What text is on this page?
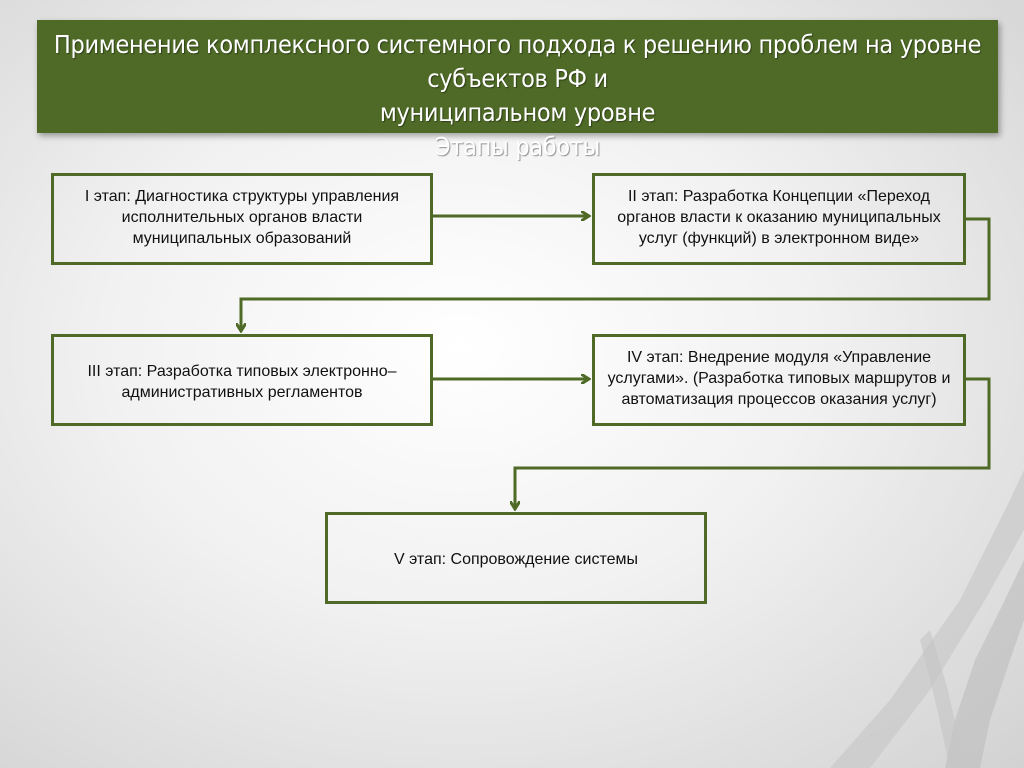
Применение комплексного системного подхода к решению проблем на уровне субъектов РФ и
муниципальном уровне
Этапы работы
I этап: Диагностика структуры управления исполнительных органов власти муниципальных образований
II этап: Разработка Концепции «Переход органов власти к оказанию муниципальных услуг (функций) в электронном виде»
III этап: Разработка типовых электронно–административных регламентов
IV этап: Внедрение модуля «Управление услугами». (Разработка типовых маршрутов и автоматизация процессов оказания услуг)
V этап: Сопровождение системы
